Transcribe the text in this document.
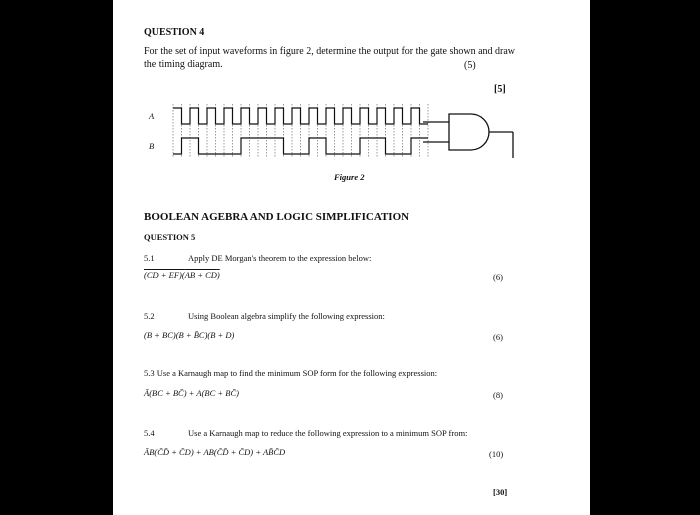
QUESTION 4
For the set of input waveforms in figure 2, determine the output for the gate shown and draw
the timing diagram.	(5)
[5]
A
B
Figure 2
BOOLEAN AGEBRA AND LOGIC SIMPLIFICATION
QUESTION 5
5.1	Apply DE Morgan's theorem to the expression below:
(CD + EF)(AB + CD)	(6)
5.2	Using Boolean algebra simplify the following expression:
(B + BC)(B + B̄C)(B + D)	(6)
5.3 Use a Karnaugh map to find the minimum SOP form for the following expression:
Ā(BC + BC̄) + A(BC + BC̄)	(8)
5.4	Use a Karnaugh map to reduce the following expression to a minimum SOP from:
ĀB(C̄D̄ + C̄D) + AB(C̄D̄ + C̄D) + AB̄C̄D	(10)
[30]
